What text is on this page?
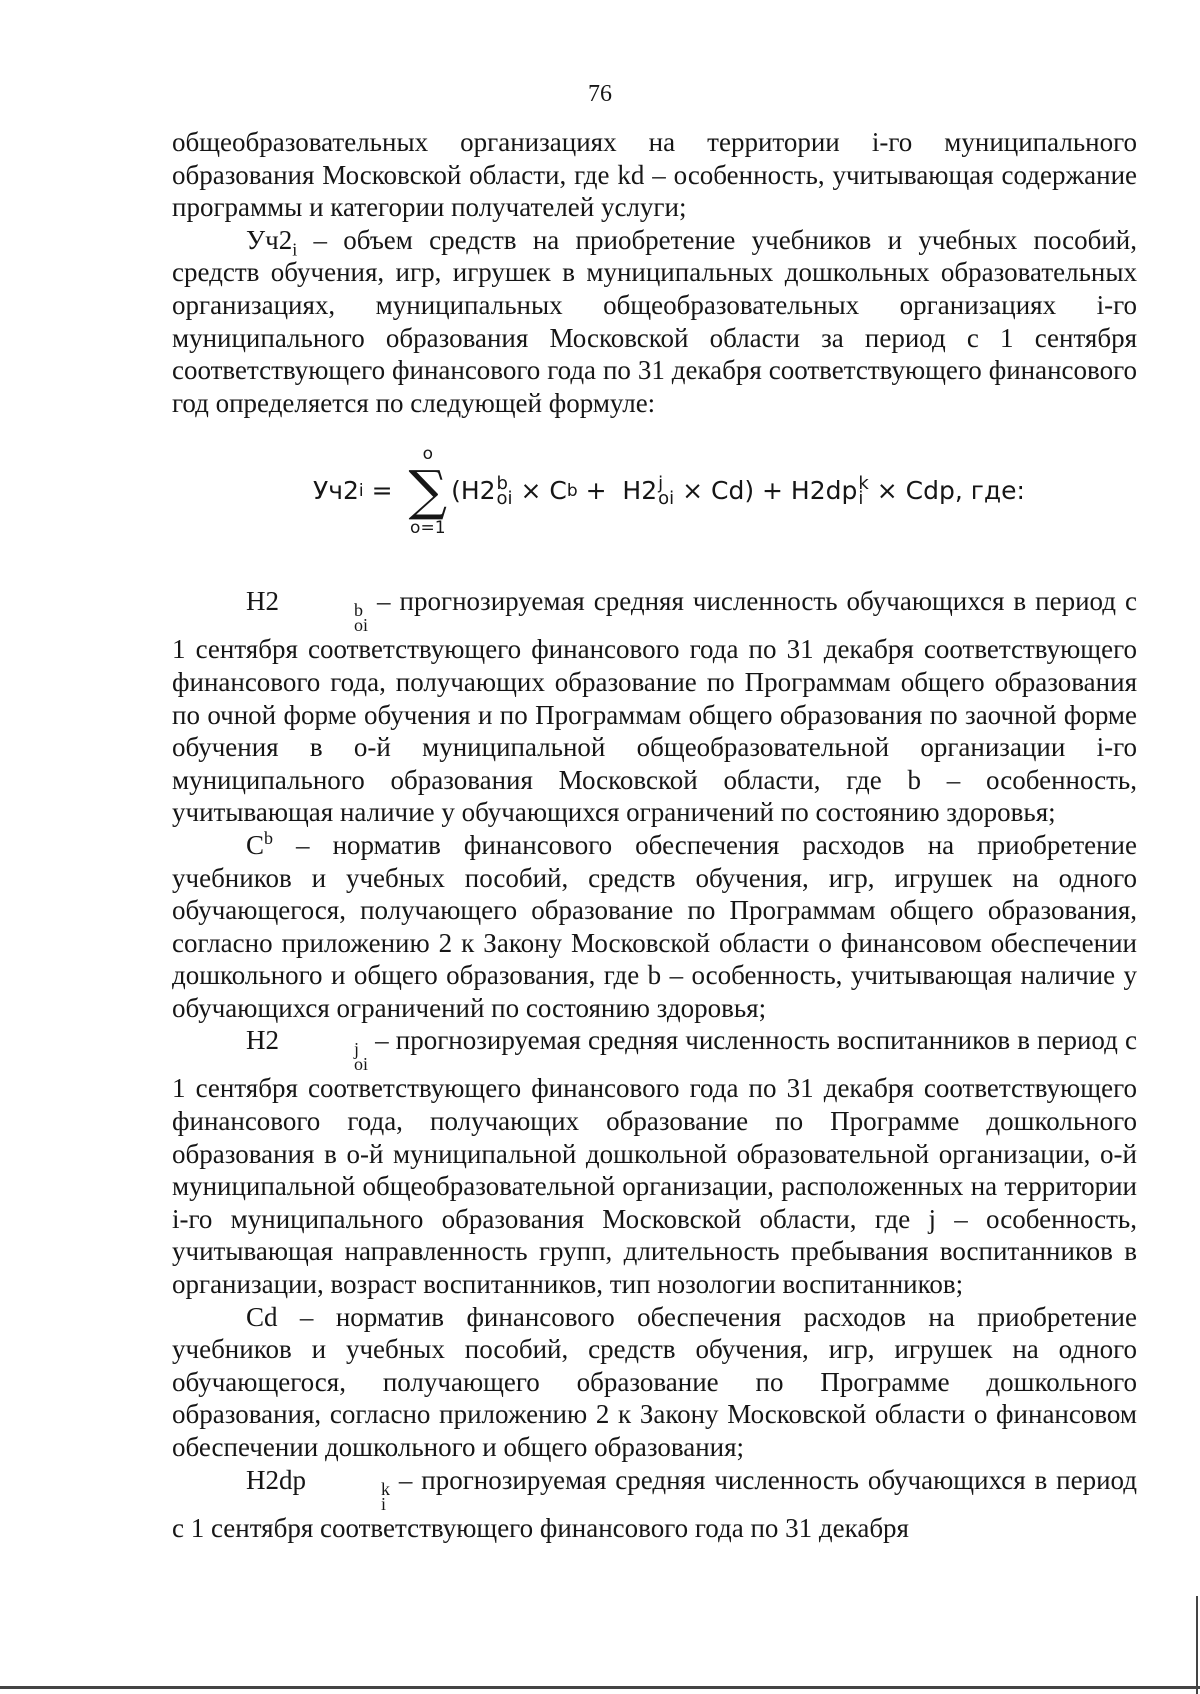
76

общеобразовательных организациях на территории i-го муниципального образования Московской области, где kd – особенность, учитывающая содержание программы и категории получателей услуги;

$Уч2_i$ – объем средств на приобретение учебников и учебных пособий, средств обучения, игр, игрушек в муниципальных дошкольных образовательных организациях, муниципальных общеобразовательных организациях i-го муниципального образования Московской области за период с 1 сентября соответствующего финансового года по 31 декабря соответствующего финансового год определяется по следующей формуле:

Уч2 i =
o
∑
o=1
(Н2 b
oi × С b +  Н2 j
oi × Cd) + Н2dp k
i × Cdp, где:

Н2	b
oi
– прогнозируемая средняя численность обучающихся в период с 1 сентября соответствующего финансового года по 31 декабря соответствующего финансового года, получающих образование по Программам общего образования по очной форме обучения и по Программам общего образования по заочной форме обучения в о-й муниципальной общеобразовательной организации i-го муниципального образования Московской области, где b – особенность, учитывающая наличие у обучающихся ограничений по состоянию здоровья;

$С^b$ – норматив финансового обеспечения расходов на приобретение учебников и учебных пособий, средств обучения, игр, игрушек на одного обучающегося, получающего образование по Программам общего образования, согласно приложению 2 к Закону Московской области о финансовом обеспечении дошкольного и общего образования, где b – особенность, учитывающая наличие у обучающихся ограничений по состоянию здоровья;

Н2	j
oi
– прогнозируемая средняя численность воспитанников в период с 1 сентября соответствующего финансового года по 31 декабря соответствующего финансового года, получающих образование по Программе дошкольного образования в о-й муниципальной дошкольной образовательной организации, о-й муниципальной общеобразовательной организации, расположенных на территории i-го муниципального образования Московской области, где j – особенность, учитывающая направленность групп, длительность пребывания воспитанников в организации, возраст воспитанников, тип нозологии воспитанников;

Cd – норматив финансового обеспечения расходов на приобретение учебников и учебных пособий, средств обучения, игр, игрушек на одного обучающегося, получающего образование по Программе дошкольного образования, согласно приложению 2 к Закону Московской области о финансовом обеспечении дошкольного и общего образования;

Н2dp	k
i
– прогнозируемая средняя численность обучающихся в период с 1 сентября соответствующего финансового года по 31 декабря
